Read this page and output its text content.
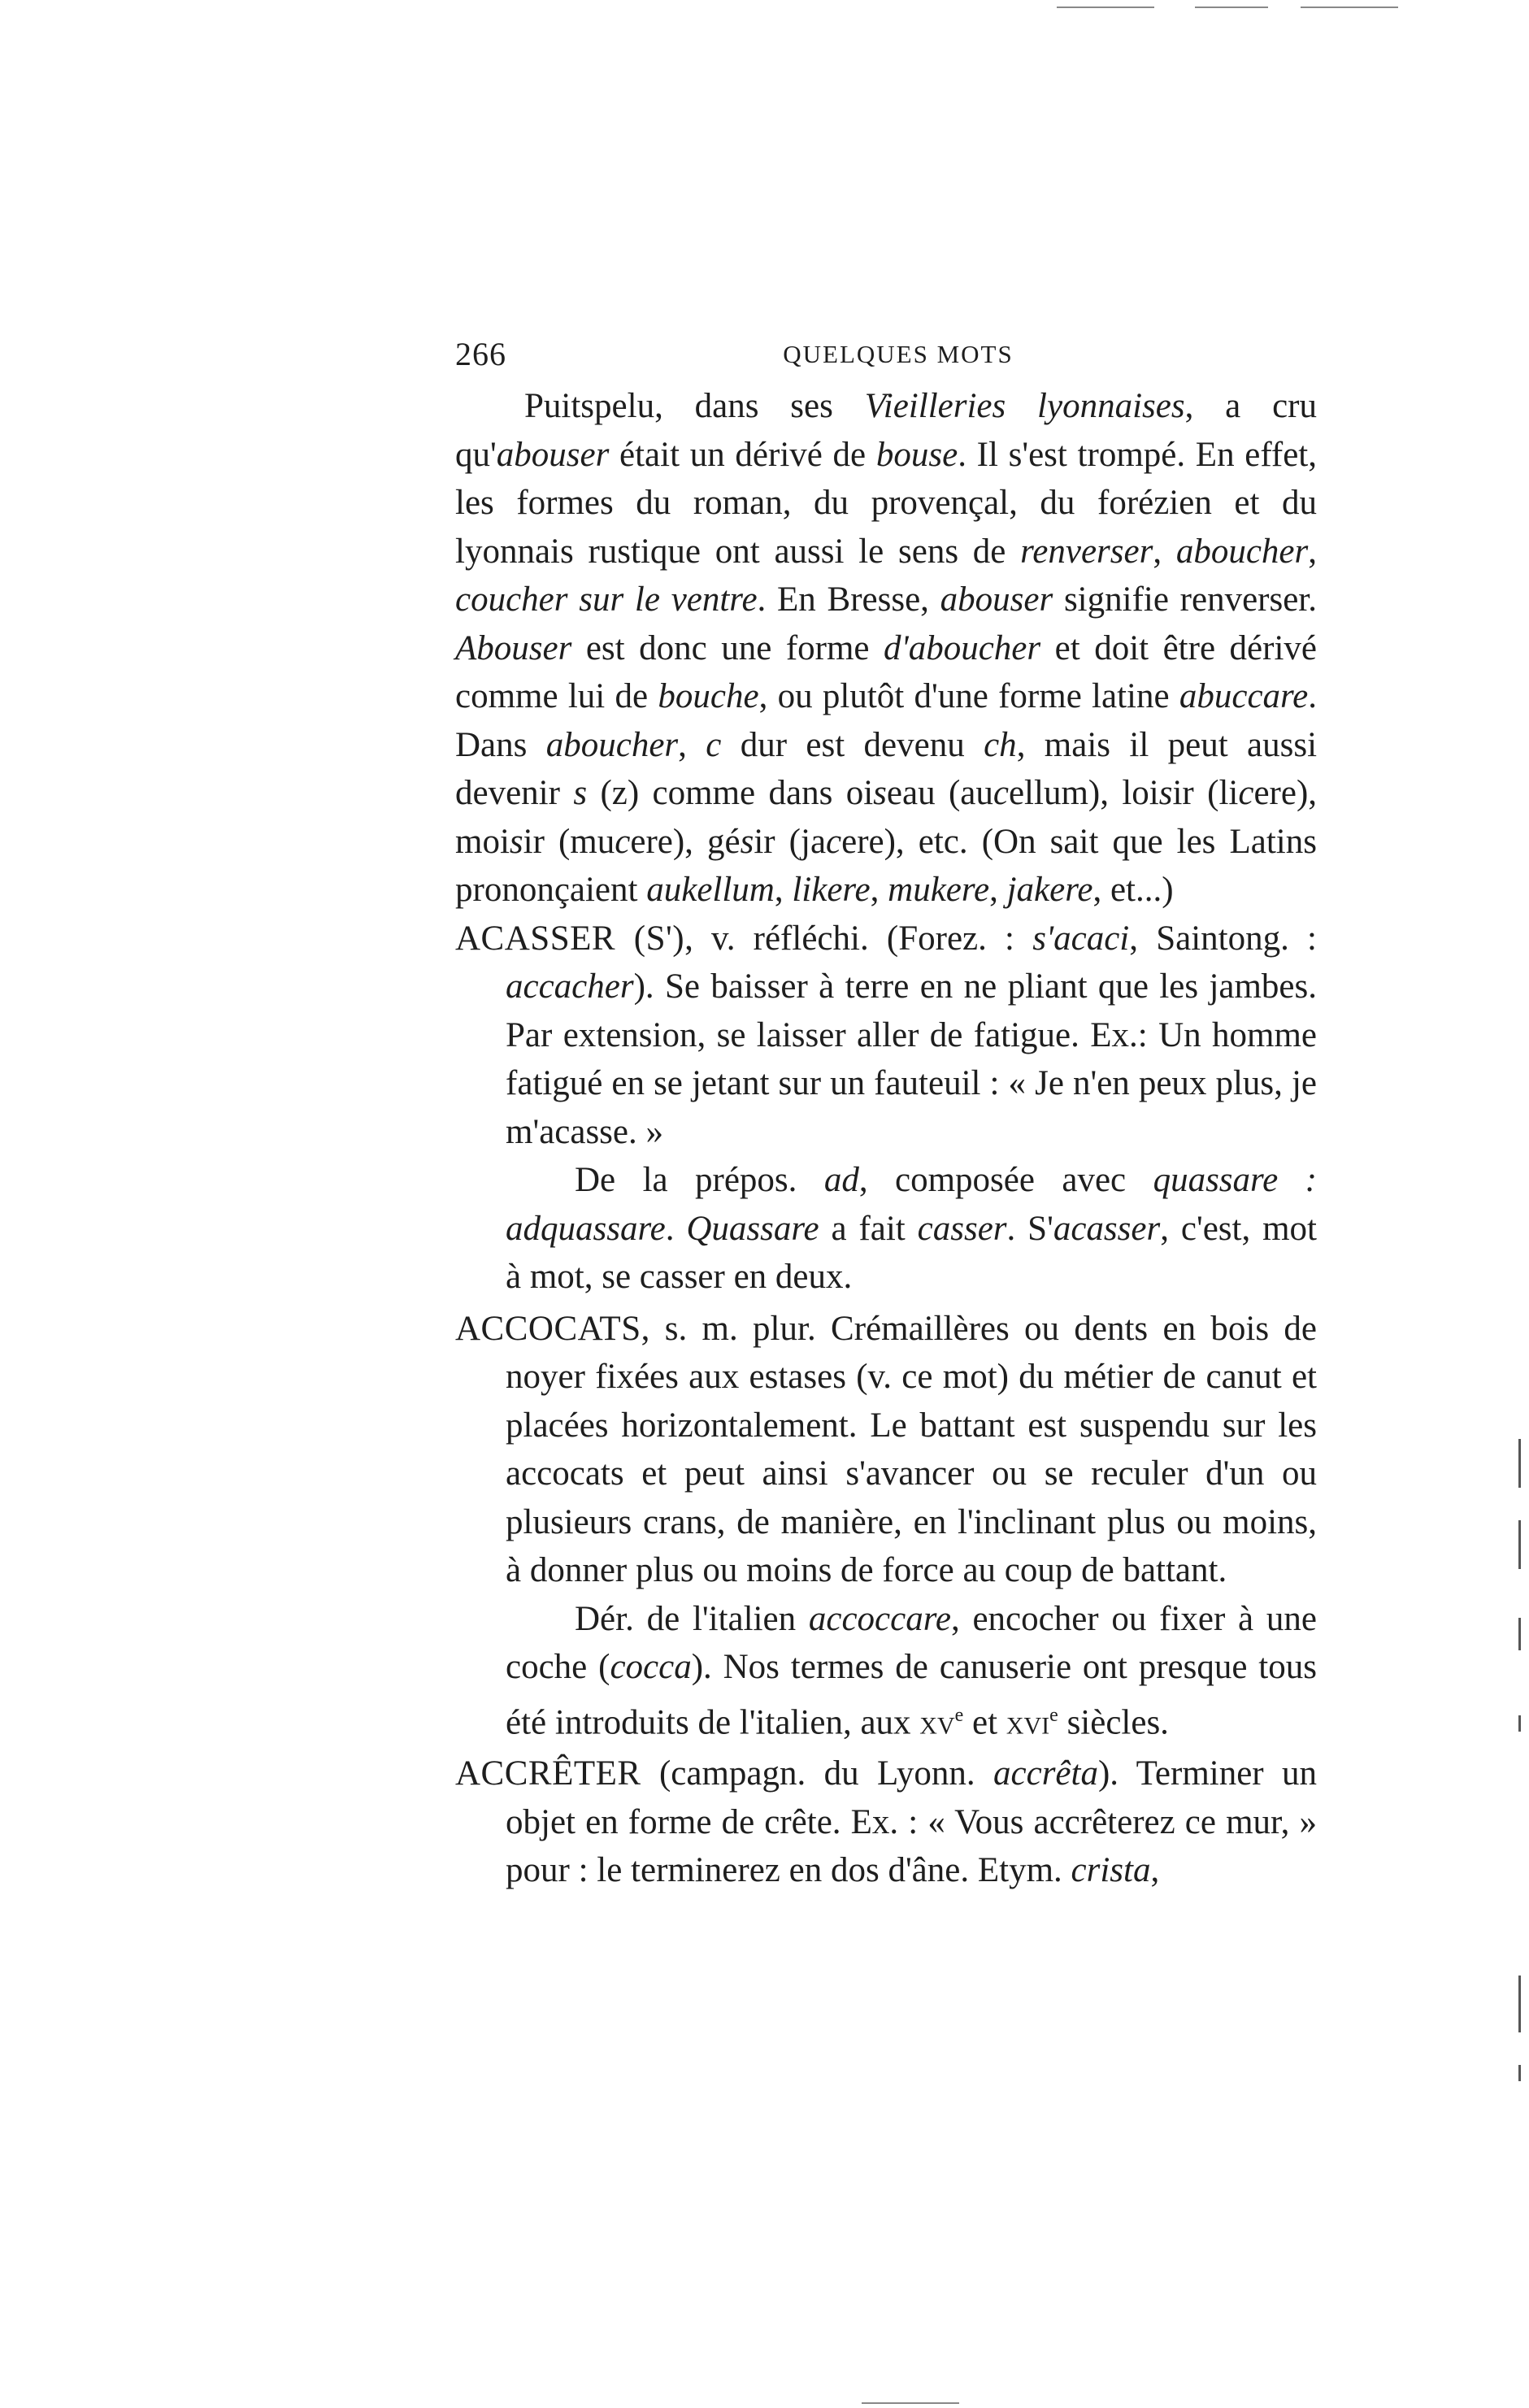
266	QUELQUES MOTS

Puitspelu, dans ses Vieilleries lyonnaises, a cru qu'abouser était un dérivé de bouse. Il s'est trompé. En effet, les formes du roman, du provençal, du forézien et du lyonnais rustique ont aussi le sens de renverser, aboucher, coucher sur le ventre. En Bresse, abouser signifie renverser. Abouser est donc une forme d'aboucher et doit être dérivé comme lui de bouche, ou plutôt d'une forme latine abuccare. Dans aboucher, c dur est devenu ch, mais il peut aussi devenir s (z) comme dans oiseau (aucellum), loisir (licere), moisir (mucere), gésir (jacere), etc. (On sait que les Latins prononçaient aukellum, likere, mukere, jakere, et...)

ACASSER (S'), v. réfléchi. (Forez. : s'acaci, Saintong. : accacher). Se baisser à terre en ne pliant que les jambes. Par extension, se laisser aller de fatigue. Ex.: Un homme fatigué en se jetant sur un fauteuil : « Je n'en peux plus, je m'acasse. »

De la prépos. ad, composée avec quassare : adquassare. Quassare a fait casser. S'acasser, c'est, mot à mot, se casser en deux.

ACCOCATS, s. m. plur. Crémaillères ou dents en bois de noyer fixées aux estases (v. ce mot) du métier de canut et placées horizontalement. Le battant est suspendu sur les accocats et peut ainsi s'avancer ou se reculer d'un ou plusieurs crans, de manière, en l'inclinant plus ou moins, à donner plus ou moins de force au coup de battant.

Dér. de l'italien accoccare, encocher ou fixer à une coche (cocca). Nos termes de canuserie ont presque tous été introduits de l'italien, aux $xv^e$ et xvi$^e$ siècles.

ACCRÊTER (campagn. du Lyonn. accrêta). Terminer un objet en forme de crête. Ex. : « Vous accrêterez ce mur, » pour : le terminerez en dos d'âne. Etym. crista,
